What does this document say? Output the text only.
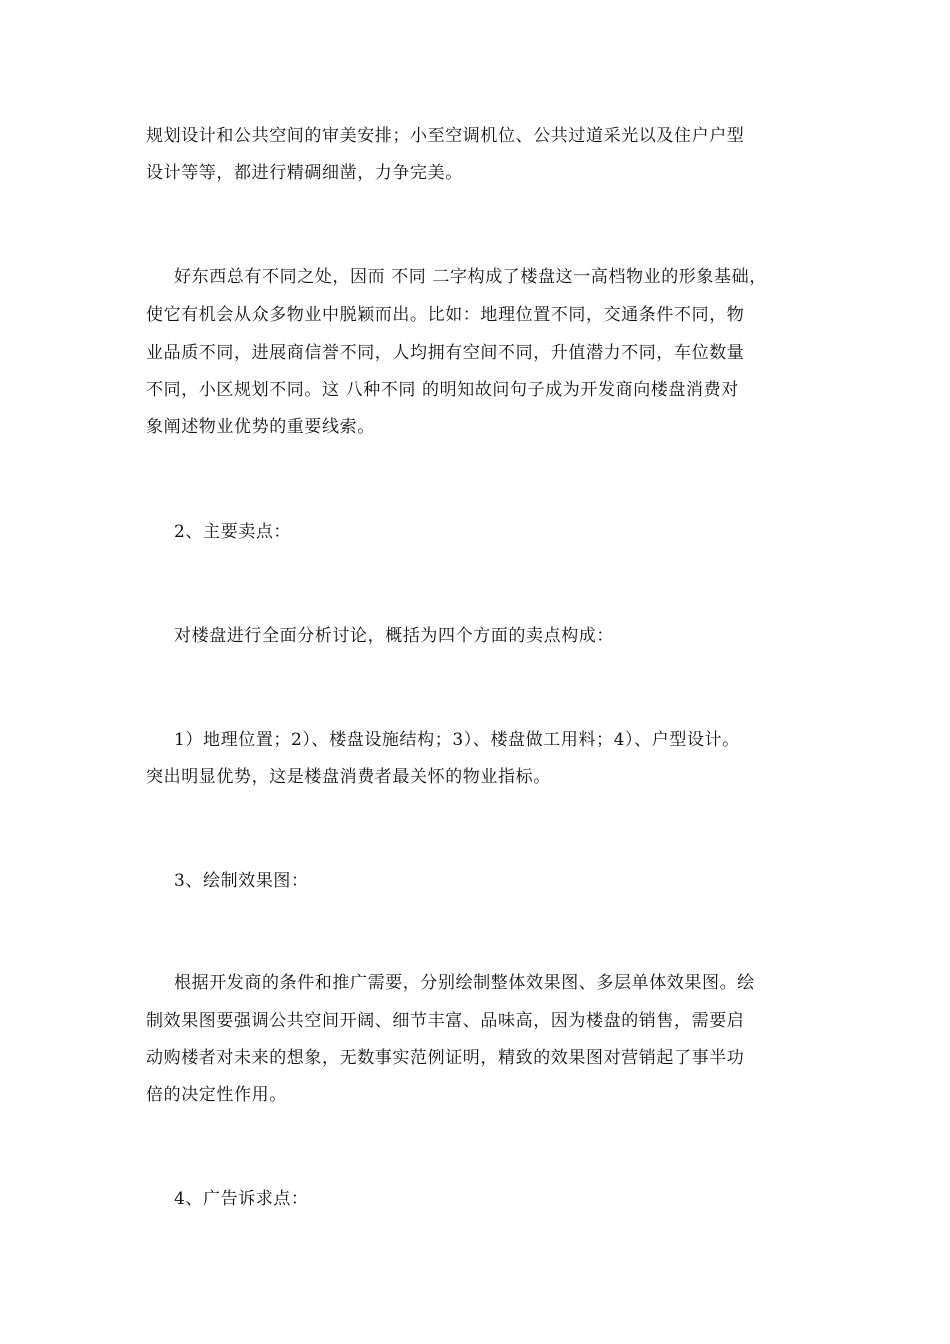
规划设计和公共空间的审美安排；小至空调机位、公共过道采光以及住户户型
设计等等，都进行精碉细凿，力争完美。
好东西总有不同之处，因而 不同 二字构成了楼盘这一高档物业的形象基础，
使它有机会从众多物业中脱颖而出。比如：地理位置不同，交通条件不同，物
业品质不同，进展商信誉不同，人均拥有空间不同，升值潜力不同，车位数量
不同，小区规划不同。这 八种不同 的明知故问句子成为开发商向楼盘消费对
象阐述物业优势的重要线索。
2、主要卖点：
对楼盘进行全面分析讨论，概括为四个方面的卖点构成：
1）地理位置；2）、楼盘设施结构；3）、楼盘做工用料；4）、户型设计。
突出明显优势，这是楼盘消费者最关怀的物业指标。
3、绘制效果图：
根据开发商的条件和推广需要，分别绘制整体效果图、多层单体效果图。绘
制效果图要强调公共空间开阔、细节丰富、品味高，因为楼盘的销售，需要启
动购楼者对未来的想象，无数事实范例证明，精致的效果图对营销起了事半功
倍的决定性作用。
4、广告诉求点：
